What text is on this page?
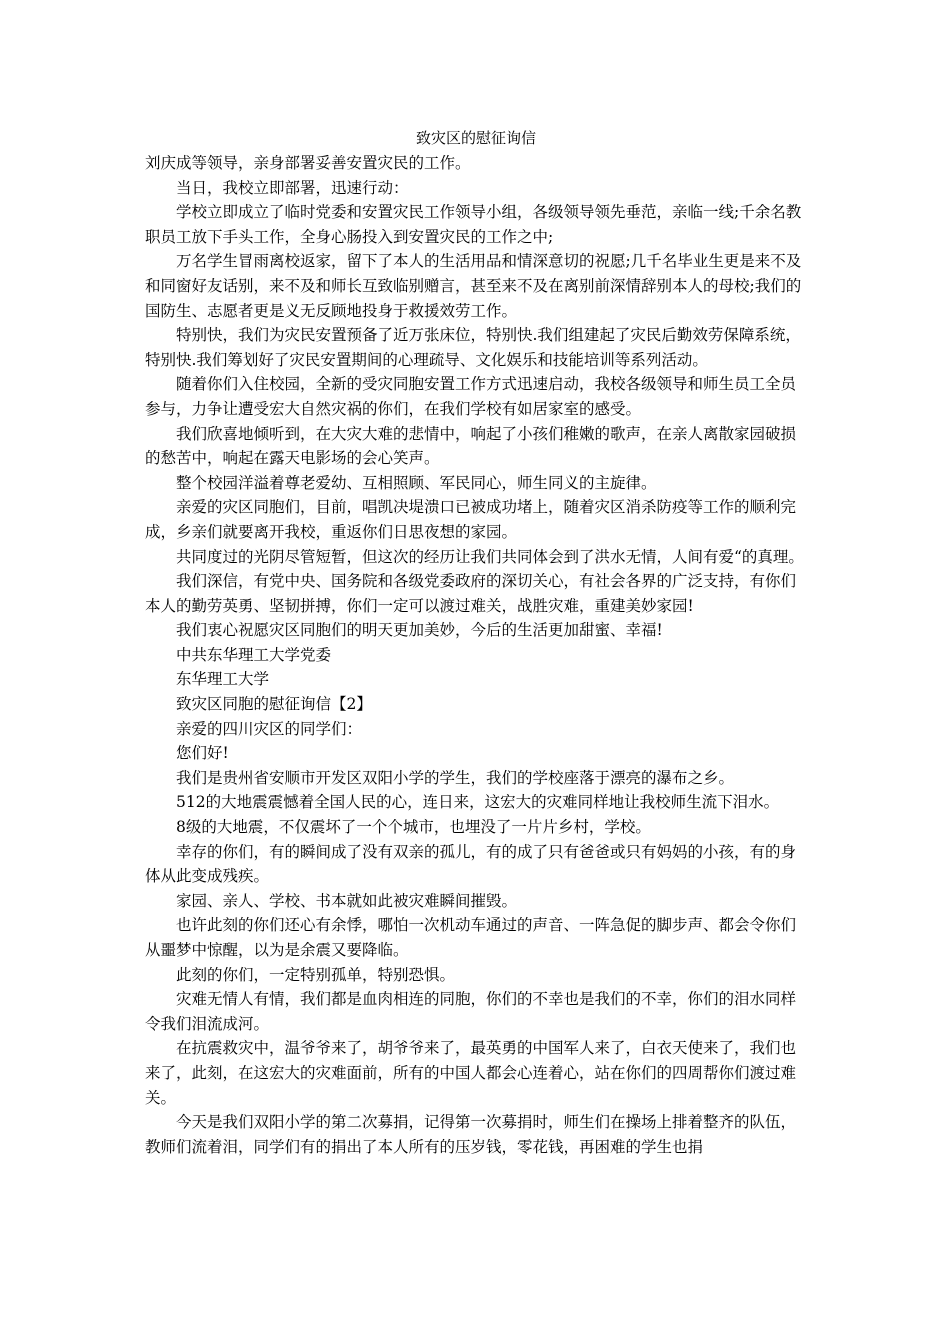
致灾区的慰征询信

刘庆成等领导，亲身部署妥善安置灾民的工作。

当日，我校立即部署，迅速行动：

学校立即成立了临时党委和安置灾民工作领导小组，各级领导领先垂范，亲临一线;千余名教职员工放下手头工作，全身心肠投入到安置灾民的工作之中;

万名学生冒雨离校返家，留下了本人的生活用品和情深意切的祝愿;几千名毕业生更是来不及和同窗好友话别，来不及和师长互致临别赠言，甚至来不及在离别前深情辞别本人的母校;我们的国防生、志愿者更是义无反顾地投身于救援效劳工作。

特别快，我们为灾民安置预备了近万张床位，特别快.我们组建起了灾民后勤效劳保障系统，特别快.我们筹划好了灾民安置期间的心理疏导、文化娱乐和技能培训等系列活动。

随着你们入住校园，全新的受灾同胞安置工作方式迅速启动，我校各级领导和师生员工全员参与，力争让遭受宏大自然灾祸的你们，在我们学校有如居家室的感受。

我们欣喜地倾听到，在大灾大难的悲情中，响起了小孩们稚嫩的歌声，在亲人离散家园破损的愁苦中，响起在露天电影场的会心笑声。

整个校园洋溢着尊老爱幼、互相照顾、军民同心，师生同义的主旋律。

亲爱的灾区同胞们，目前，唱凯决堤溃口已被成功堵上，随着灾区消杀防疫等工作的顺利完成，乡亲们就要离开我校，重返你们日思夜想的家园。

共同度过的光阴尽管短暂，但这次的经历让我们共同体会到了洪水无情，人间有爱“的真理。

我们深信，有党中央、国务院和各级党委政府的深切关心，有社会各界的广泛支持，有你们本人的勤劳英勇、坚韧拼搏，你们一定可以渡过难关，战胜灾难，重建美妙家园!

我们衷心祝愿灾区同胞们的明天更加美妙，今后的生活更加甜蜜、幸福!

中共东华理工大学党委

东华理工大学

致灾区同胞的慰征询信【2】

亲爱的四川灾区的同学们：

您们好!

我们是贵州省安顺市开发区双阳小学的学生，我们的学校座落于漂亮的瀑布之乡。

512的大地震震憾着全国人民的心，连日来，这宏大的灾难同样地让我校师生流下泪水。

8级的大地震，不仅震坏了一个个城市，也埋没了一片片乡村，学校。

幸存的你们，有的瞬间成了没有双亲的孤儿，有的成了只有爸爸或只有妈妈的小孩，有的身体从此变成残疾。

家园、亲人、学校、书本就如此被灾难瞬间摧毁。

也许此刻的你们还心有余悸，哪怕一次机动车通过的声音、一阵急促的脚步声、都会令你们从噩梦中惊醒，以为是余震又要降临。

此刻的你们，一定特别孤单，特别恐惧。

灾难无情人有情，我们都是血肉相连的同胞，你们的不幸也是我们的不幸，你们的泪水同样令我们泪流成河。

在抗震救灾中，温爷爷来了，胡爷爷来了，最英勇的中国军人来了，白衣天使来了，我们也来了，此刻，在这宏大的灾难面前，所有的中国人都会心连着心，站在你们的四周帮你们渡过难关。

今天是我们双阳小学的第二次募捐，记得第一次募捐时，师生们在操场上排着整齐的队伍，教师们流着泪，同学们有的捐出了本人所有的压岁钱，零花钱，再困难的学生也捐
